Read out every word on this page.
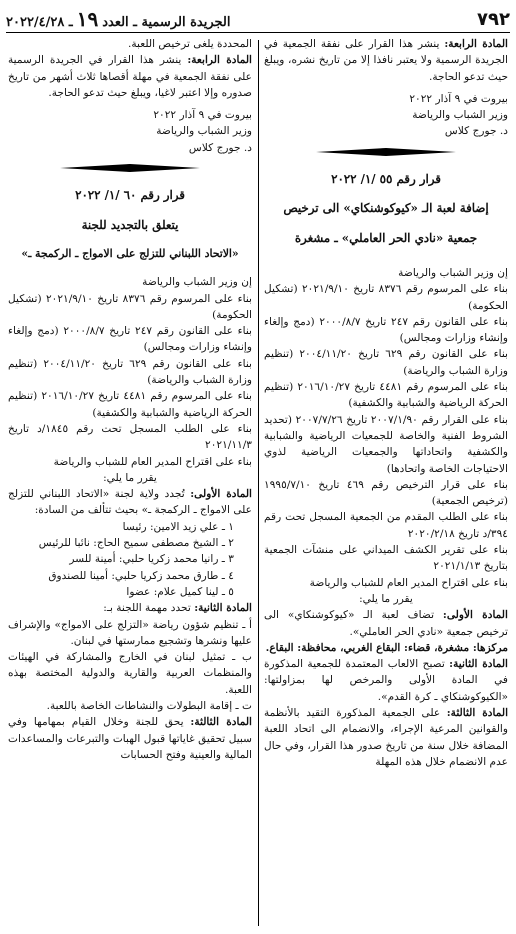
٧٩٢
الجريدة الرسمية ـ العدد
١٩
ـ ٢٠٢٢/٤/٢٨

المادة الرابعة: ينشر هذا القرار على نفقة الجمعية في الجريدة الرسمية ولا يعتبر نافذا إلا من تاريخ نشره، ويبلغ حيث تدعو الحاجة.

بيروت في ٩ آذار ٢٠٢٢

وزير الشباب والرياضة

د. جورج كلاس

قرار رقم ٥٥ /١/ ٢٠٢٢

إضافة لعبة الـ «كيوكوشنكاي» الى ترخيص

جمعية «نادي الحر العاملي» ـ مشغرة

إن وزير الشباب والرياضة

بناء على المرسوم رقم ٨٣٧٦ تاريخ ٢٠٢١/٩/١٠ (تشكيل الحكومة)

بناء على القانون رقم ٢٤٧ تاريخ ٢٠٠٠/٨/٧ (دمج وإلغاء وإنشاء وزارات ومجالس)

بناء على القانون رقم ٦٢٩ تاريخ ٢٠٠٤/١١/٢٠ (تنظيم وزارة الشباب والرياضة)

بناء على المرسوم رقم ٤٤٨١ تاريخ ٢٠١٦/١٠/٢٧ (تنظيم الحركة الرياضية والشبابية والكشفية)

بناء على القرار رقم ٢٠٠٧/١/٩٠ تاريخ ٢٠٠٧/٧/٢٦ (تحديد الشروط الفنية والخاصة للجمعيات الرياضية والشبابية والكشفية واتحاداتها والجمعيات الرياضية لذوي الاحتياجات الخاصة واتحادها)

بناء على قرار الترخيص رقم ٤٦٩ تاريخ ١٩٩٥/٧/١٠ (ترخيص الجمعية)

بناء على الطلب المقدم من الجمعية المسجل تحت رقم ٣٩٤/د تاريخ ٢٠٢٠/٢/١٨

بناء على تقرير الكشف الميداني على منشآت الجمعية بتاريخ ٢٠٢١/١/١٣

بناء على اقتراح المدير العام للشباب والرياضة

يقرر ما يلي:

المادة الأولى: تضاف لعبة الـ «كيوكوشنكاي» الى ترخيص جمعية «نادي الحر العاملي».

مركزها: مشغرة، قضاء: البقاع الغربي، محافظة: البقاع.

المادة الثانية: تصبح الالعاب المعتمدة للجمعية المذكورة في المادة الأولى والمرخص لها بمزاولتها: «الكيوكوشنكاي ـ كرة القدم».

المادة الثالثة: على الجمعية المذكورة التقيد بالأنظمة والقوانين المرعية الإجراء، والانضمام الى اتحاد اللعبة المضافة خلال سنة من تاريخ صدور هذا القرار، وفي حال عدم الانضمام خلال هذه المهلة

المحددة يلغى ترخيص اللعبة.

المادة الرابعة: ينشر هذا القرار في الجريدة الرسمية على نفقة الجمعية في مهلة أقصاها ثلاث أشهر من تاريخ صدوره وإلا اعتبر لاغيا، ويبلغ حيث تدعو الحاجة.

بيروت في ٩ آذار ٢٠٢٢

وزير الشباب والرياضة

د. جورج كلاس

قرار رقم ٦٠ /١/ ٢٠٢٢

يتعلق بالتجديد للجنة

«الاتحاد اللبناني للتزلج على الامواج ـ الركمجة ـ»

إن وزير الشباب والرياضة

بناء على المرسوم رقم ٨٣٧٦ تاريخ ٢٠٢١/٩/١٠ (تشكيل الحكومة)

بناء على القانون رقم ٢٤٧ تاريخ ٢٠٠٠/٨/٧ (دمج وإلغاء وإنشاء وزارات ومجالس)

بناء على القانون رقم ٦٢٩ تاريخ ٢٠٠٤/١١/٢٠ (تنظيم وزارة الشباب والرياضة)

بناء على المرسوم رقم ٤٤٨١ تاريخ ٢٠١٦/١٠/٢٧ (تنظيم الحركة الرياضية والشبابية والكشفية)

بناء على الطلب المسجل تحت رقم ١٨٤٥/د تاريخ ٢٠٢١/١١/٣

بناء على اقتراح المدير العام للشباب والرياضة

يقرر ما يلي:

المادة الأولى: تُجدد ولاية لجنة «الاتحاد اللبناني للتزلج على الامواج ـ الركمجة ـ» بحيث تتألف من السادة:

١ ـ علي زيد الامين: رئيسا

٢ ـ الشيخ مصطفى سميح الحاج: نائبا للرئيس

٣ ـ رانيا محمد زكريا حلبي: أمينة للسر

٤ ـ طارق محمد زكريا حلبي: أمينا للصندوق

٥ ـ لينا كميل علام: عضوا

المادة الثانية: تحدد مهمة اللجنة بـ:

أ ـ تنظيم شؤون رياضة «التزلج على الامواج» والإشراف عليها ونشرها وتشجيع ممارستها في لبنان.

ب ـ تمثيل لبنان في الخارج والمشاركة في الهيئات والمنظمات العربية والقارية والدولية المختصة بهذه اللعبة.

ت ـ إقامة البطولات والنشاطات الخاصة باللعبة.

المادة الثالثة: يحق للجنة وخلال القيام بمهامها وفي سبيل تحقيق غاياتها قبول الهبات والتبرعات والمساعدات المالية والعينية وفتح الحسابات
